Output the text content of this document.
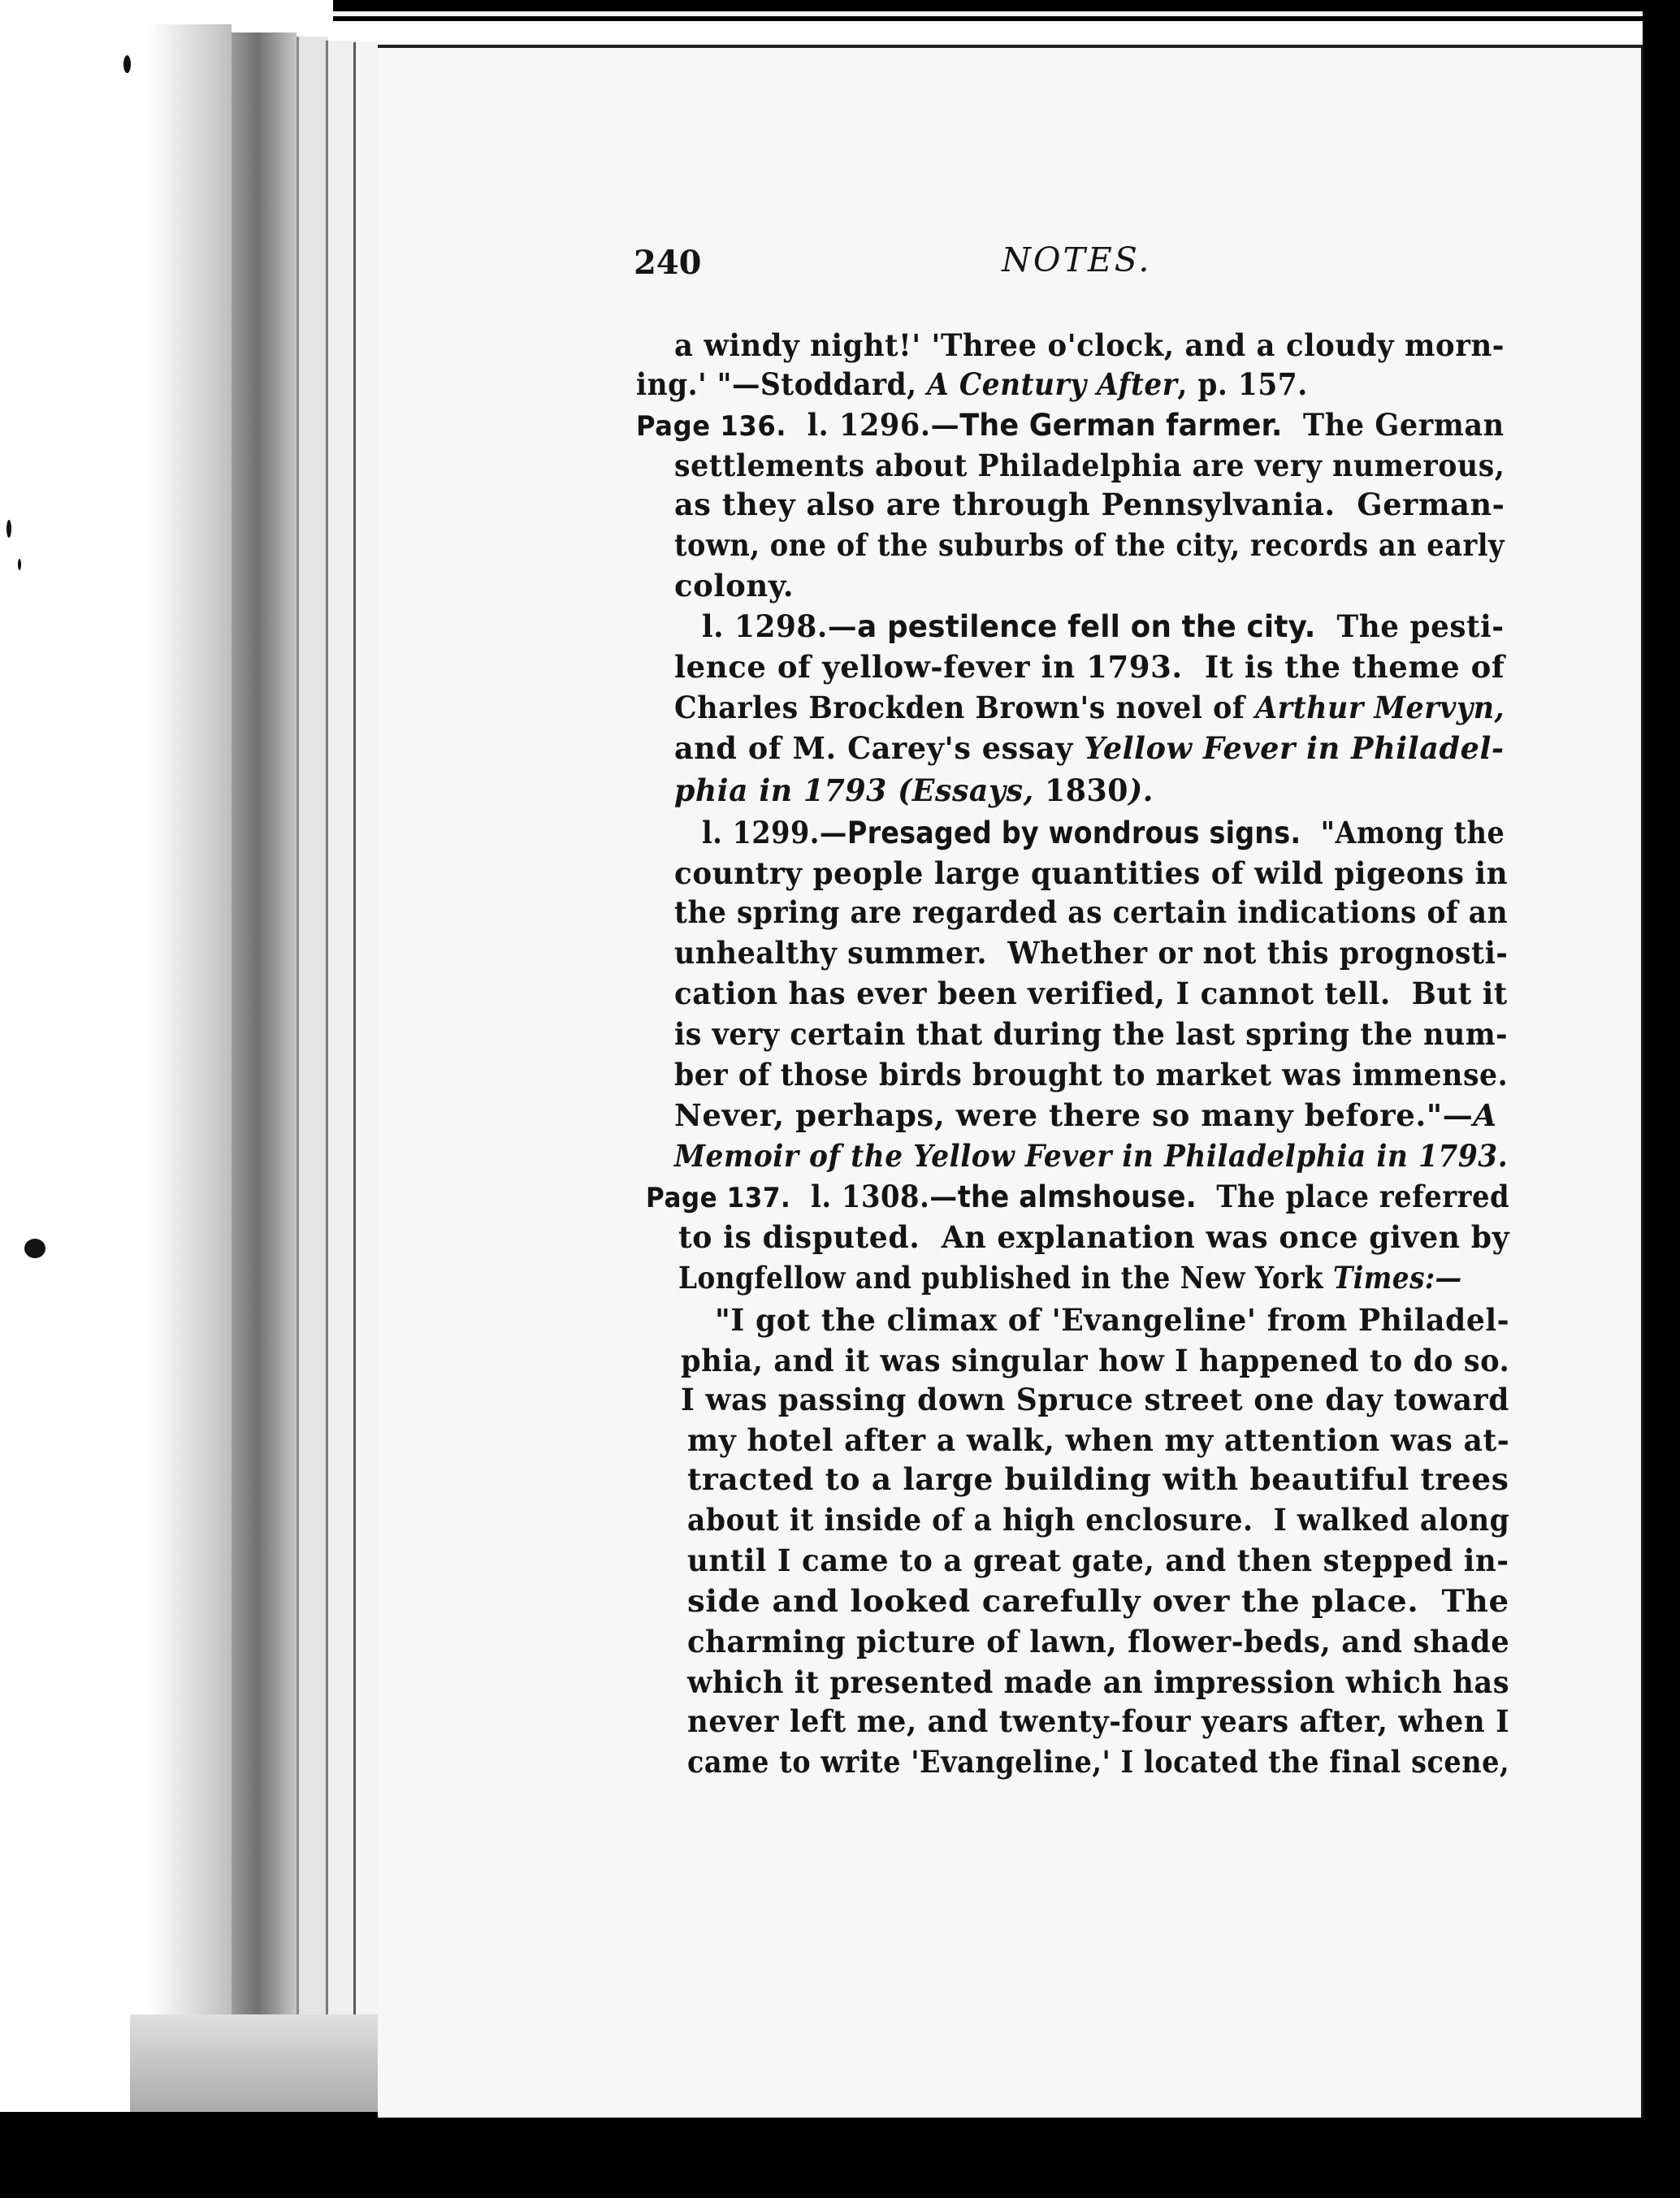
240	NOTES.
a windy night!' 'Three o'clock, and a cloudy morn-
ing.' "—Stoddard, A Century After, p. 157.
Page 136.  l. 1296.—The German farmer.  The German
settlements about Philadelphia are very numerous,
as they also are through Pennsylvania.  German-
town, one of the suburbs of the city, records an early
colony.
l. 1298.—a pestilence fell on the city.  The pesti-
lence of yellow-fever in 1793.  It is the theme of
Charles Brockden Brown's novel of Arthur Mervyn,
and of M. Carey's essay Yellow Fever in Philadel-
phia in 1793 (Essays, 1830).
l. 1299.—Presaged by wondrous signs.  "Among the
country people large quantities of wild pigeons in
the spring are regarded as certain indications of an
unhealthy summer.  Whether or not this prognosti-
cation has ever been verified, I cannot tell.  But it
is very certain that during the last spring the num-
ber of those birds brought to market was immense.
Never, perhaps, were there so many before."—A
Memoir of the Yellow Fever in Philadelphia in 1793.
Page 137.  l. 1308.—the almshouse.  The place referred
to is disputed.  An explanation was once given by
Longfellow and published in the New York Times:—
"I got the climax of 'Evangeline' from Philadel-
phia, and it was singular how I happened to do so.
I was passing down Spruce street one day toward
my hotel after a walk, when my attention was at-
tracted to a large building with beautiful trees
about it inside of a high enclosure.  I walked along
until I came to a great gate, and then stepped in-
side and looked carefully over the place.  The
charming picture of lawn, flower-beds, and shade
which it presented made an impression which has
never left me, and twenty-four years after, when I
came to write 'Evangeline,' I located the final scene,
